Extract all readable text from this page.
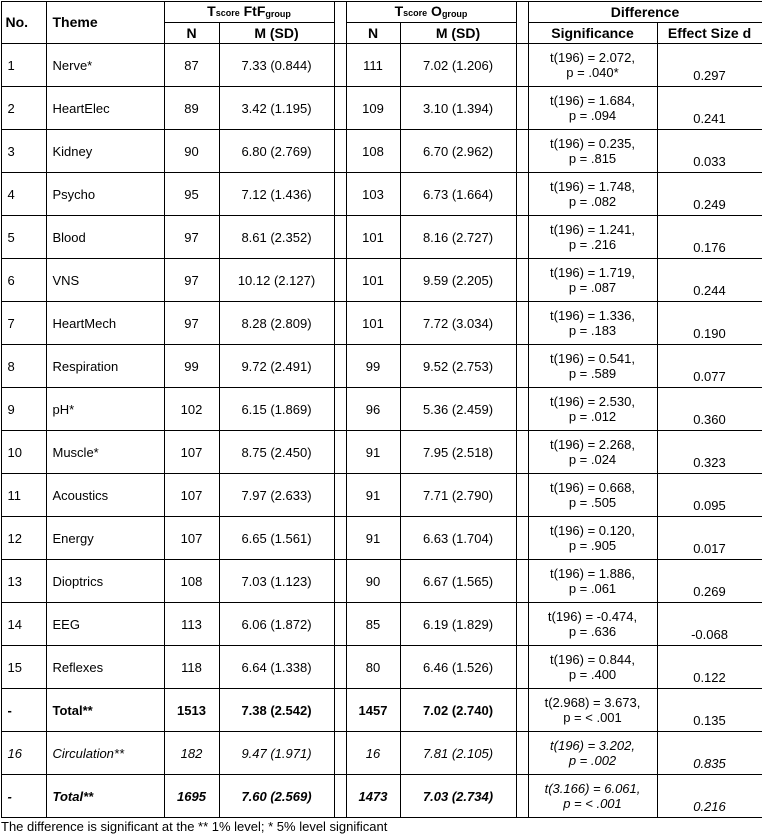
No.	Theme	Tscore FtF$_{group}$			Tscore $O_{group}$			Difference	
		N	M (SD)		N	M (SD)		Significance	Effect Size d
1	Nerve*	87	7.33 (0.844)		111	7.02 (1.206)		t(196) = 2.072,
p = .040*	0.297
2	HeartElec	89	3.42 (1.195)		109	3.10 (1.394)		t(196) = 1.684,
p = .094	0.241
3	Kidney	90	6.80 (2.769)		108	6.70 (2.962)		t(196) = 0.235,
p = .815	0.033
4	Psycho	95	7.12 (1.436)		103	6.73 (1.664)		t(196) = 1.748,
p = .082	0.249
5	Blood	97	8.61 (2.352)		101	8.16 (2.727)		t(196) = 1.241,
p = .216	0.176
6	VNS	97	10.12 (2.127)		101	9.59 (2.205)		t(196) = 1.719,
p = .087	0.244
7	HeartMech	97	8.28 (2.809)		101	7.72 (3.034)		t(196) = 1.336,
p = .183	0.190
8	Respiration	99	9.72 (2.491)		99	9.52 (2.753)		t(196) = 0.541,
p = .589	0.077
9	pH*	102	6.15 (1.869)		96	5.36 (2.459)		t(196) = 2.530,
p = .012	0.360
10	Muscle*	107	8.75 (2.450)		91	7.95 (2.518)		t(196) = 2.268,
p = .024	0.323
11	Acoustics	107	7.97 (2.633)		91	7.71 (2.790)		t(196) = 0.668,
p = .505	0.095
12	Energy	107	6.65 (1.561)		91	6.63 (1.704)		t(196) = 0.120,
p = .905	0.017
13	Dioptrics	108	7.03 (1.123)		90	6.67 (1.565)		t(196) = 1.886,
p = .061	0.269
14	EEG	113	6.06 (1.872)		85	6.19 (1.829)		t(196) = -0.474,
p = .636	-0.068
15	Reflexes	118	6.64 (1.338)		80	6.46 (1.526)		t(196) = 0.844,
p = .400	0.122
-	Total**	1513	7.38 (2.542)		1457	7.02 (2.740)		t(2.968) = 3.673,
p = < .001	0.135
16	Circulation**	182	9.47 (1.971)		16	7.81 (2.105)		t(196) = 3.202,
p = .002	0.835
-	Total**	1695	7.60 (2.569)		1473	7.03 (2.734)		t(3.166) = 6.061,
p = < .001	0.216
The difference is significant at the ** 1% level; * 5% level significant
